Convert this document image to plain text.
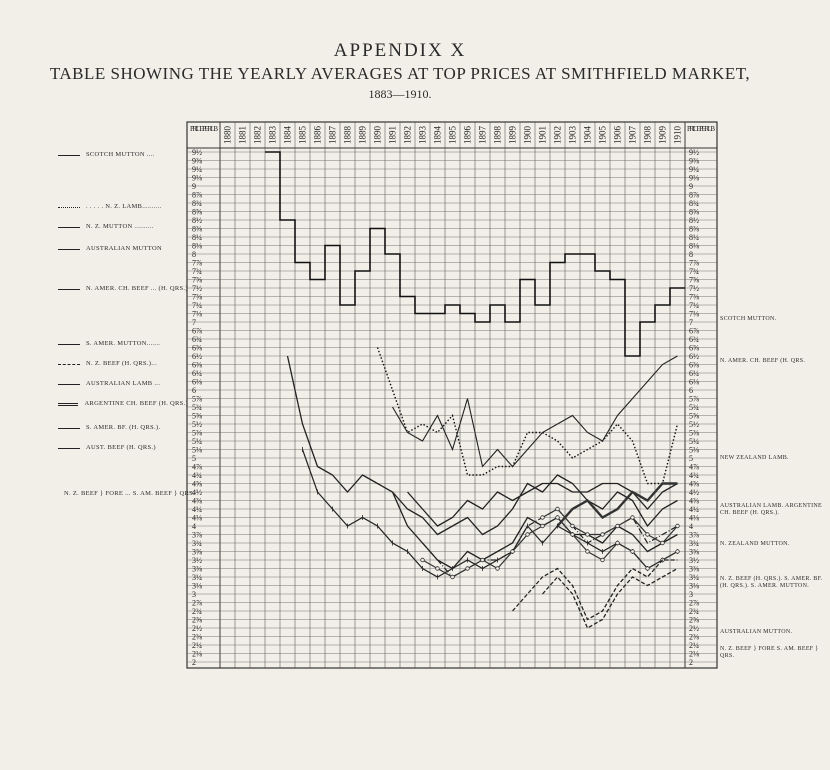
APPENDIX X
TABLE SHOWING THE YEARLY AVERAGES AT TOP PRICES AT SMITHFIELD MARKET,
1883—1910.
1880 1881 1882 1883 1884 1885 1886 1887 1888 1889 1890 1891 1892 1893 1894 1895 1896 1897 1898 1899 1900 1901 1902 1903 1904 1905 1906 1907 1908 1909 1910
9½	9½
9⅜	9⅜
9¼	9¼
9⅛	9⅛
9	9
8⅞	8⅞
8¾	8¾
8⅝	8⅝
8½	8½
8⅜	8⅜
8¼	8¼
8⅛	8⅛
8	8
7⅞	7⅞
7¾	7¾
7⅝	7⅝
7½	7½
7⅜	7⅜
7¼	7¼
7⅛	7⅛
7	7
6⅞	6⅞
6¾	6¾
6⅝	6⅝
6½	6½
6⅜	6⅜
6¼	6¼
6⅛	6⅛
6	6
5⅞	5⅞
5¾	5¾
5⅝	5⅝
5½	5½
5⅜	5⅜
5¼	5¼
5⅛	5⅛
5	5
4⅞	4⅞
4¾	4¾
4⅝	4⅝
4½	4½
4⅜	4⅜
4¼	4¼
4⅛	4⅛
4	4
3⅞	3⅞
3¾	3¾
3⅝	3⅝
3½	3½
3⅜	3⅜
3¼	3¼
3⅛	3⅛
3	3
2⅞	2⅞
2¾	2¾
2⅝	2⅝
2½	2½
2⅜	2⅜
2¼	2¼
2⅛	2⅛
2	2
PRICE PER LB	PRICE PER LB
SCOTCH MUTTON ....
. . . . . N. Z. LAMB..........
N. Z. MUTTON ..........
AUSTRALIAN MUTTON
N. AMER. CH. BEEF ... (H. QRS.)
S. AMER. MUTTON.......
N. Z. BEEF (H. QRS.)...
AUSTRALIAN LAMB ...
ARGENTINE CH. BEEF (H. QRS.)
S. AMER. BF. (H. QRS.).
AUST. BEEF (H. QRS.)
N. Z. BEEF } FORE ... S. AM. BEEF } QRS.
SCOTCH MUTTON.
N. AMER. CH. BEEF (H. QRS.
NEW ZEALAND LAMB.
AUSTRALIAN LAMB. ARGENTINE CH. BEEF (H. QRS.).
N. ZEALAND MUTTON.
N. Z. BEEF (H. QRS.). S. AMER. BF. (H. QRS.). S. AMER. MUTTON.
AUSTRALIAN MUTTON.
N. Z. BEEF } FORE S. AM. BEEF } QRS.
